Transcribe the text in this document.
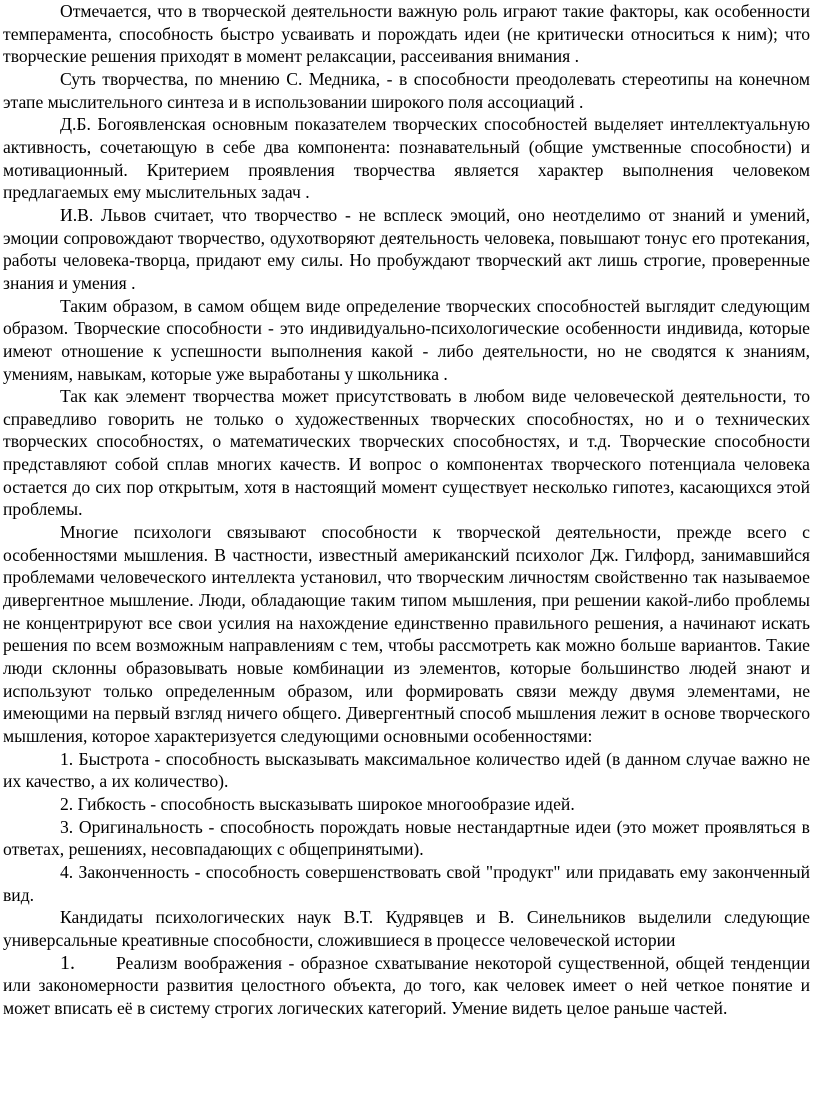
Отмечается, что в творческой деятельности важную роль играют такие факторы, как особенности темперамента, способность быстро усваивать и порождать идеи (не критически относиться к ним); что творческие решения приходят в момент релаксации, рассеивания внимания .

Суть творчества, по мнению С. Медника, - в способности преодолевать стереотипы на конечном этапе мыслительного синтеза и в использовании широкого поля ассоциаций .

Д.Б. Богоявленская основным показателем творческих способностей выделяет интеллектуальную активность, сочетающую в себе два компонента: познавательный (общие умственные способности) и мотивационный. Критерием проявления творчества является характер выполнения человеком предлагаемых ему мыслительных задач .

И.В. Львов считает, что творчество - не всплеск эмоций, оно неотделимо от знаний и умений, эмоции сопровождают творчество, одухотворяют деятельность человека, повышают тонус его протекания, работы человека-творца, придают ему силы. Но пробуждают творческий акт лишь строгие, проверенные знания и умения .

Таким образом, в самом общем виде определение творческих способностей выглядит следующим образом. Творческие способности - это индивидуально-психологические особенности индивида, которые имеют отношение к успешности выполнения какой - либо деятельности, но не сводятся к знаниям, умениям, навыкам, которые уже выработаны у школьника .

Так как элемент творчества может присутствовать в любом виде человеческой деятельности, то справедливо говорить не только о художественных творческих способностях, но и о технических творческих способностях, о математических творческих способностях, и т.д. Творческие способности представляют собой сплав многих качеств. И вопрос о компонентах творческого потенциала человека остается до сих пор открытым, хотя в настоящий момент существует несколько гипотез, касающихся этой проблемы.

Многие психологи связывают способности к творческой деятельности, прежде всего с особенностями мышления. В частности, известный американский психолог Дж. Гилфорд, занимавшийся проблемами человеческого интеллекта установил, что творческим личностям свойственно так называемое дивергентное мышление. Люди, обладающие таким типом мышления, при решении какой-либо проблемы не концентрируют все свои усилия на нахождение единственно правильного решения, а начинают искать решения по всем возможным направлениям с тем, чтобы рассмотреть как можно больше вариантов. Такие люди склонны образовывать новые комбинации из элементов, которые большинство людей знают и используют только определенным образом, или формировать связи между двумя элементами, не имеющими на первый взгляд ничего общего. Дивергентный способ мышления лежит в основе творческого мышления, которое характеризуется следующими основными особенностями:

1. Быстрота - способность высказывать максимальное количество идей (в данном случае важно не их качество, а их количество).

2. Гибкость - способность высказывать широкое многообразие идей.

3. Оригинальность - способность порождать новые нестандартные идеи (это может проявляться в ответах, решениях, несовпадающих с общепринятыми).

4. Законченность - способность совершенствовать свой "продукт" или придавать ему законченный вид.

Кандидаты психологических наук В.Т. Кудрявцев и В. Синельников выделили следующие универсальные креативные способности, сложившиеся в процессе человеческой истории

1. Реализм воображения - образное схватывание некоторой существенной, общей тенденции или закономерности развития целостного объекта, до того, как человек имеет о ней четкое понятие и может вписать её в систему строгих логических категорий. Умение видеть целое раньше частей.
